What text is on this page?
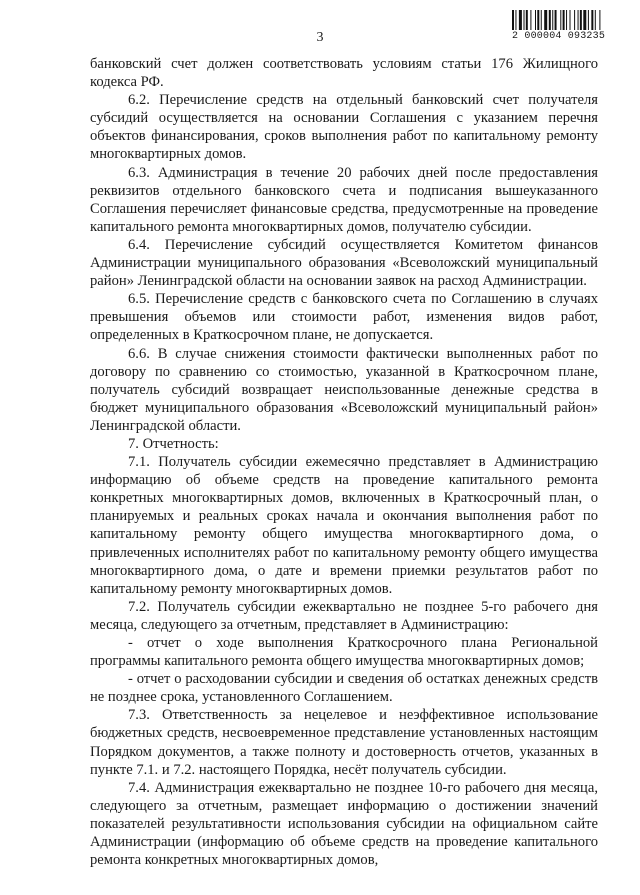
3	2 000004 093235

банковский счет должен соответствовать условиям статьи 176 Жилищного кодекса РФ.

6.2. Перечисление средств на отдельный банковский счет получателя субсидий осуществляется на основании Соглашения с указанием перечня объектов финансирования, сроков выполнения работ по капитальному ремонту многоквартирных домов.

6.3. Администрация в течение 20 рабочих дней после предоставления реквизитов отдельного банковского счета и подписания вышеуказанного Соглашения перечисляет финансовые средства, предусмотренные на проведение капитального ремонта многоквартирных домов, получателю субсидии.

6.4. Перечисление субсидий осуществляется Комитетом финансов Администрации муниципального образования «Всеволожский муниципальный район» Ленинградской области на основании заявок на расход Администрации.

6.5. Перечисление средств с банковского счета по Соглашению в случаях превышения объемов или стоимости работ, изменения видов работ, определенных в Краткосрочном плане, не допускается.

6.6. В случае снижения стоимости фактически выполненных работ по договору по сравнению со стоимостью, указанной в Краткосрочном плане, получатель субсидий возвращает неиспользованные денежные средства в бюджет муниципального образования «Всеволожский муниципальный район» Ленинградской области.

7. Отчетность:

7.1. Получатель субсидии ежемесячно представляет в Администрацию информацию об объеме средств на проведение капитального ремонта конкретных многоквартирных домов, включенных в Краткосрочный план, о планируемых и реальных сроках начала и окончания выполнения работ по капитальному ремонту общего имущества многоквартирного дома, о привлеченных исполнителях работ по капитальному ремонту общего имущества многоквартирного дома, о дате и времени приемки результатов работ по капитальному ремонту многоквартирных домов.

7.2. Получатель субсидии ежеквартально не позднее 5-го рабочего дня месяца, следующего за отчетным, представляет в Администрацию:

- отчет о ходе выполнения Краткосрочного плана Региональной программы капитального ремонта общего имущества многоквартирных домов;

- отчет о расходовании субсидии и сведения об остатках денежных средств не позднее срока, установленного Соглашением.

7.3. Ответственность за нецелевое и неэффективное использование бюджетных средств, несвоевременное представление установленных настоящим Порядком документов, а также полноту и достоверность отчетов, указанных в пункте 7.1. и 7.2. настоящего Порядка, несёт получатель субсидии.

7.4. Администрация ежеквартально не позднее 10-го рабочего дня месяца, следующего за отчетным, размещает информацию о достижении значений показателей результативности использования субсидии на официальном сайте Администрации (информацию об объеме средств на проведение капитального ремонта конкретных многоквартирных домов,
